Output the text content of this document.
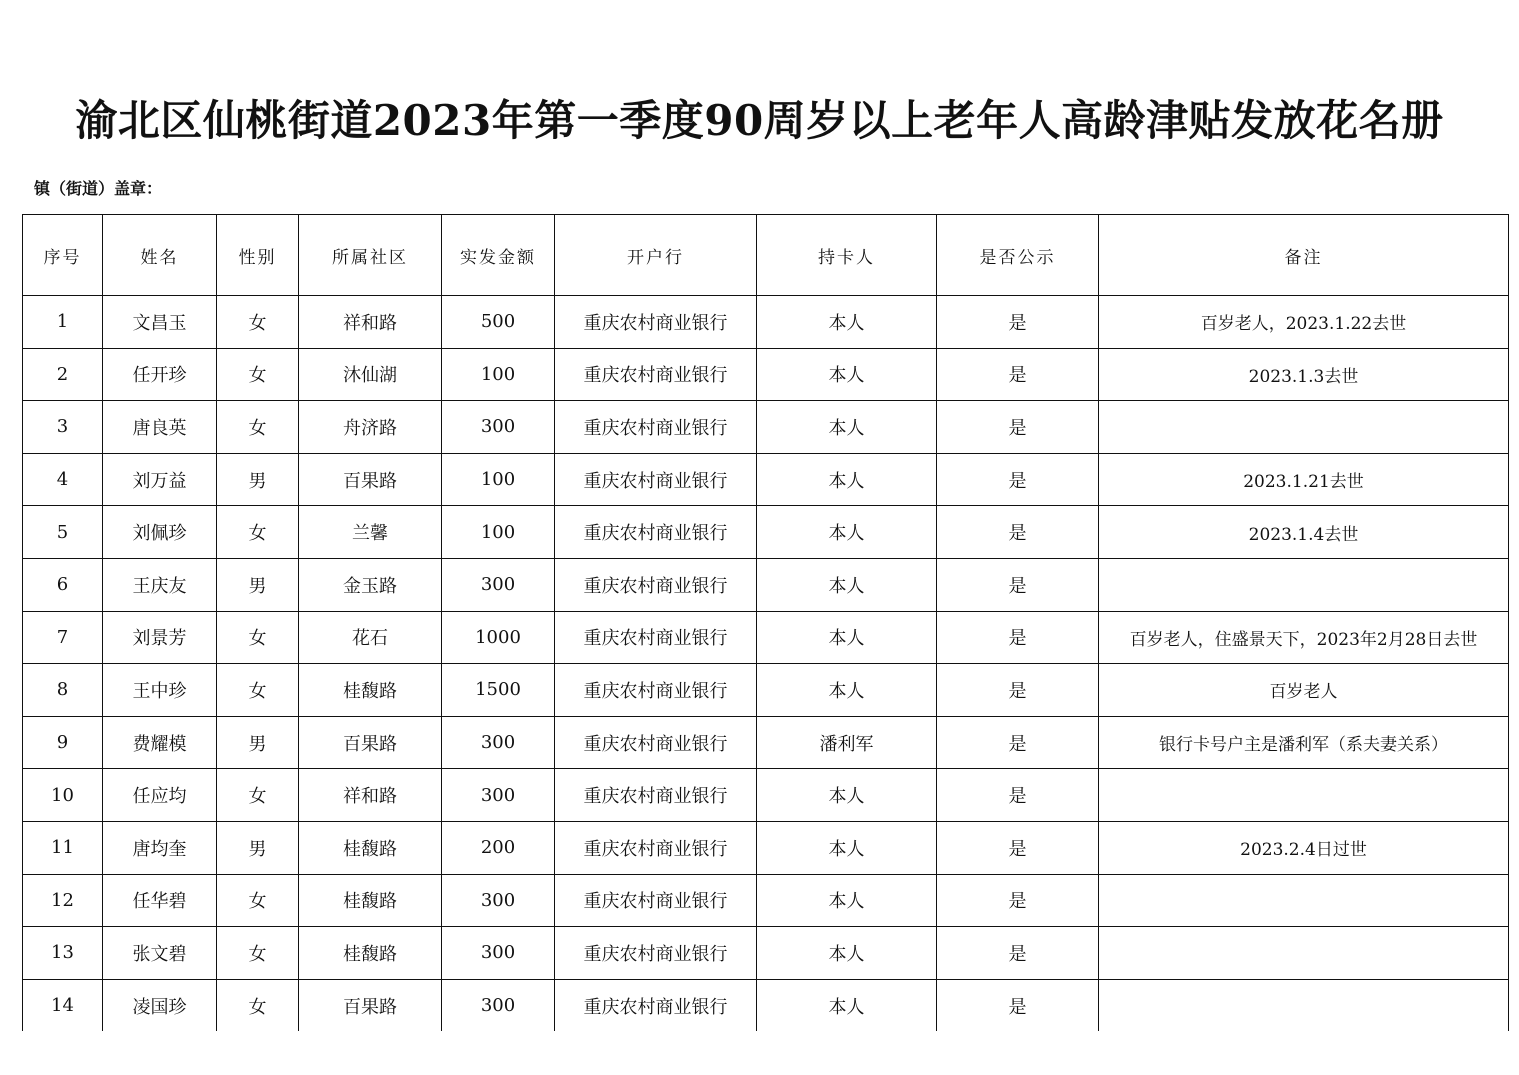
渝北区仙桃街道2023年第一季度90周岁以上老年人高龄津贴发放花名册
镇（街道）盖章：
序号	姓名	性别	所属社区	实发金额	开户行	持卡人	是否公示	备注
1	文昌玉	女	祥和路	500	重庆农村商业银行	本人	是	百岁老人，2023.1.22去世
2	任开珍	女	沐仙湖	100	重庆农村商业银行	本人	是	2023.1.3去世
3	唐良英	女	舟济路	300	重庆农村商业银行	本人	是	
4	刘万益	男	百果路	100	重庆农村商业银行	本人	是	2023.1.21去世
5	刘佩珍	女	兰馨	100	重庆农村商业银行	本人	是	2023.1.4去世
6	王庆友	男	金玉路	300	重庆农村商业银行	本人	是	
7	刘景芳	女	花石	1000	重庆农村商业银行	本人	是	百岁老人，住盛景天下，2023年2月28日去世
8	王中珍	女	桂馥路	1500	重庆农村商业银行	本人	是	百岁老人
9	费耀模	男	百果路	300	重庆农村商业银行	潘利军	是	银行卡号户主是潘利军（系夫妻关系）
10	任应均	女	祥和路	300	重庆农村商业银行	本人	是	
11	唐均奎	男	桂馥路	200	重庆农村商业银行	本人	是	2023.2.4日过世
12	任华碧	女	桂馥路	300	重庆农村商业银行	本人	是	
13	张文碧	女	桂馥路	300	重庆农村商业银行	本人	是	
14	凌国珍	女	百果路	300	重庆农村商业银行	本人	是	
